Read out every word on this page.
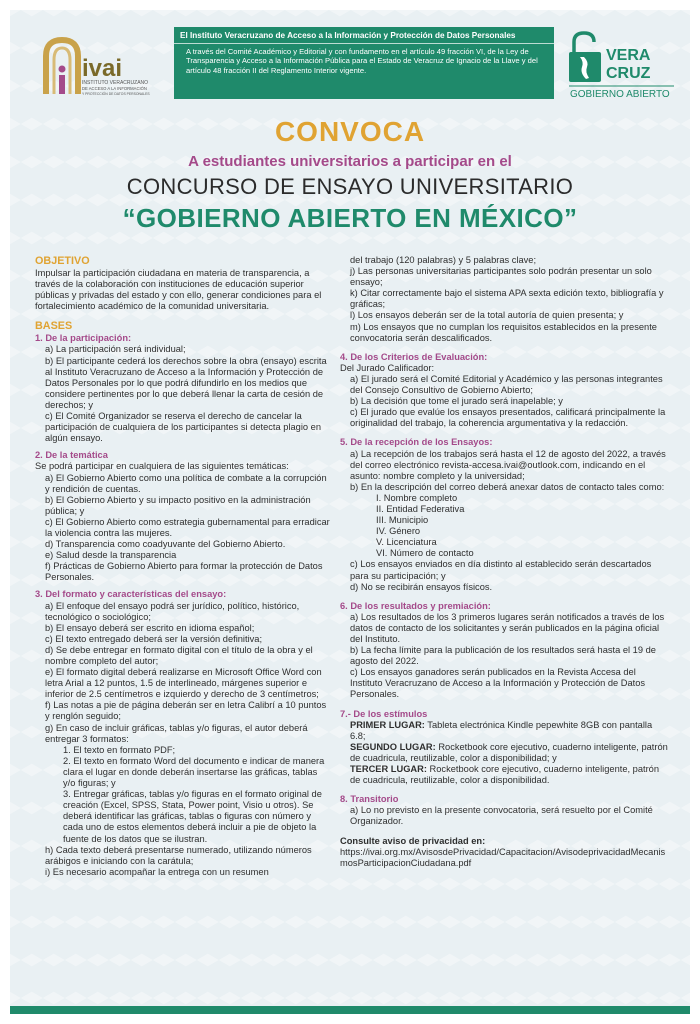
ivai
INSTITUTO VERACRUZANO
DE ACCESO A LA INFORMACIÓN
Y PROTECCIÓN DE DATOS PERSONALES
El Instituto Veracruzano de Acceso a la Información y Protección de Datos Personales
A través del Comité Académico y Editorial y con fundamento en el artículo 49 fracción VI, de la Ley de Transparencia y Acceso a la Información Pública para el Estado de Veracruz de Ignacio de la Llave y del artículo 48 fracción II del Reglamento Interior vigente.
VERA
CRUZ
GOBIERNO ABIERTO
CONVOCA
A estudiantes universitarios a participar en el
CONCURSO DE ENSAYO UNIVERSITARIO
“GOBIERNO ABIERTO EN MÉXICO”

OBJETIVO

Impulsar la participación ciudadana en materia de transparencia, a través de la colaboración con instituciones de educación superior públicas y privadas del estado y con ello, generar condiciones para el fortalecimiento académico de la comunidad universitaria.

BASES

1. De la participación:

a) La participación será individual;

b) El participante cederá los derechos sobre la obra (ensayo) escrita al Instituto Veracruzano de Acceso a la Información y Protección de Datos Personales por lo que podrá difundirlo en los medios que considere pertinentes por lo que deberá llenar la carta de cesión de derechos; y

c) El Comité Organizador se reserva el derecho de cancelar la participación de cualquiera de los participantes si detecta plagio en algún ensayo.

2. De la temática

Se podrá participar en cualquiera de las siguientes temáticas:

a) El Gobierno Abierto como una política de combate a la corrupción y rendición de cuentas.

b) El Gobierno Abierto y su impacto positivo en la administración pública; y

c) El Gobierno Abierto como estrategia gubernamental para erradicar la violencia contra las mujeres.

d) Transparencia como coadyuvante del Gobierno Abierto.

e) Salud desde la transparencia

f) Prácticas de Gobierno Abierto para formar la protección de Datos Personales.

3. Del formato y características del ensayo:

a) El enfoque del ensayo podrá ser jurídico, político, histórico, tecnológico o sociológico;

b) El ensayo deberá ser escrito en idioma español;

c) El texto entregado deberá ser la versión definitiva;

d) Se debe entregar en formato digital con el título de la obra y el nombre completo del autor;

e) El formato digital deberá realizarse en Microsoft Office Word con letra Arial a 12 puntos, 1.5 de interlineado, márgenes superior e inferior de 2.5 centímetros e izquierdo y derecho de 3 centímetros;

f) Las notas a pie de página deberán ser en letra Calibrí a 10 puntos y renglón seguido;

g) En caso de incluir gráficas, tablas y/o figuras, el autor deberá entregar 3 formatos:

1. El texto en formato PDF;

2. El texto en formato Word del documento e indicar de manera clara el lugar en donde deberán insertarse las gráficas, tablas y/o figuras; y

3. Entregar gráficas, tablas y/o figuras en el formato original de creación (Excel, SPSS, Stata, Power point, Visio u otros). Se deberá identificar las gráficas, tablas o figuras con número y cada uno de estos elementos deberá incluir a pie de objeto la fuente de los datos que se ilustran.

h) Cada texto deberá presentarse numerado, utilizando números arábigos e iniciando con la carátula;

i) Es necesario acompañar la entrega con un resumen

del trabajo (120 palabras) y 5 palabras clave;

j) Las personas universitarias participantes solo podrán presentar un solo ensayo;

k) Citar correctamente bajo el sistema APA sexta edición texto, bibliografía y gráficas;

l) Los ensayos deberán ser de la total autoría de quien presenta; y

m) Los ensayos que no cumplan los requisitos establecidos en la presente convocatoria serán descalificados.

4. De los Criterios de Evaluación:

Del Jurado Calificador:

a) El jurado será el Comité Editorial y Académico y las personas integrantes del Consejo Consultivo de Gobierno Abierto;

b) La decisión que tome el jurado será inapelable; y

c) El jurado que evalúe los ensayos presentados, calificará principalmente la originalidad del trabajo, la coherencia argumentativa y la redacción.

5. De la recepción de los Ensayos:

a) La recepción de los trabajos será hasta el 12 de agosto del 2022, a través del correo electrónico revista-accesa.ivai@outlook.com, indicando en el asunto: nombre completo y la universidad;

b) En la descripción del correo deberá anexar datos de contacto tales como:

I. Nombre completo

II. Entidad Federativa

III. Municipio

IV. Género

V. Licenciatura

VI. Número de contacto

c) Los ensayos enviados en día distinto al establecido serán descartados para su participación; y

d) No se recibirán ensayos físicos.

6. De los resultados y premiación:

a) Los resultados de los 3 primeros lugares serán notificados a través de los datos de contacto de los solicitantes y serán publicados en la página oficial del Instituto.

b) La fecha límite para la publicación de los resultados será hasta el 19 de agosto del 2022.

c) Los ensayos ganadores serán publicados en la Revista Accesa del Instituto Veracruzano de Acceso a la Información y Protección de Datos Personales.

7.- De los estímulos

PRIMER LUGAR: Tableta electrónica Kindle pepewhite 8GB con pantalla 6.8;

SEGUNDO LUGAR: Rocketbook core ejecutivo, cuaderno inteligente, patrón de cuadricula, reutilizable, color a disponibilidad; y

TERCER LUGAR: Rocketbook core ejecutivo, cuaderno inteligente, patrón de cuadricula, reutilizable, color a disponibilidad.

8. Transitorio

a) Lo no previsto en la presente convocatoria, será resuelto por el Comité Organizador.

Consulte aviso de privacidad en:

https://ivai.org.mx/AvisosdePrivacidad/Capacitacion/AvisodeprivacidadMecanismosParticipacionCiudadana.pdf
